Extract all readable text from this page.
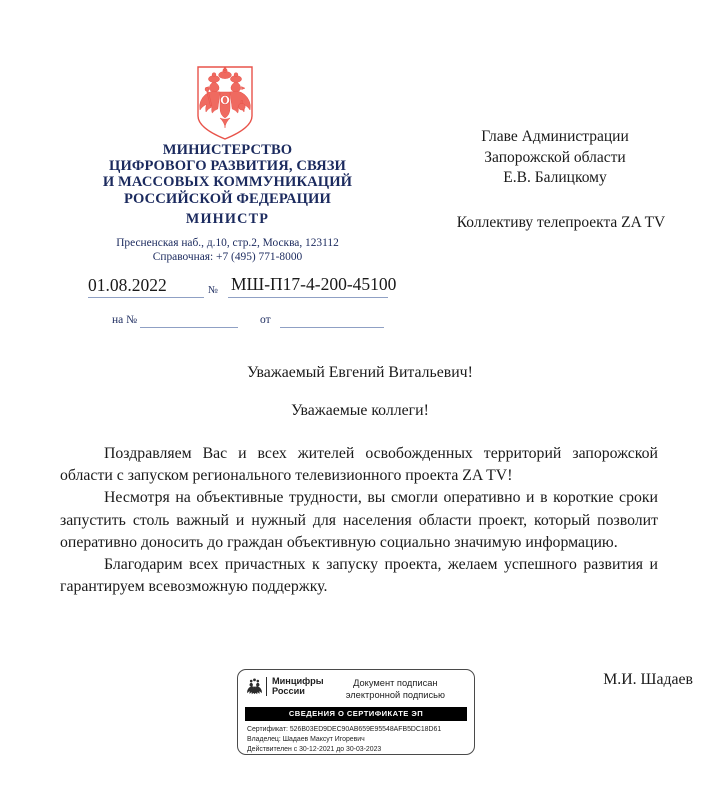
МИНИСТЕРСТВО
ЦИФРОВОГО РАЗВИТИЯ, СВЯЗИ
И МАССОВЫХ КОММУНИКАЦИЙ
РОССИЙСКОЙ ФЕДЕРАЦИИ
МИНИСТР
Пресненская наб., д.10, стр.2, Москва, 123112
Справочная: +7 (495) 771-8000
01.08.2022	№ МШ-П17-4-200-45100
на №	от
Главе Администрации
Запорожской области
Е.В. Балицкому
Коллективу телепроекта ZA TV
Уважаемый Евгений Витальевич!
Уважаемые коллеги!

Поздравляем Вас и всех жителей освобожденных территорий запорожской области с запуском регионального телевизионного проекта ZA TV!

Несмотря на объективные трудности, вы смогли оперативно и в короткие сроки запустить столь важный и нужный для населения области проект, который позволит оперативно доносить до граждан объективную социально значимую информацию.

Благодарим всех причастных к запуску проекта, желаем успешного развития и гарантируем всевозможную поддержку.

М.И. Шадаев
Минцифры
России
Документ подписан
электронной подписью
СВЕДЕНИЯ О СЕРТИФИКАТЕ ЭП
Сертификат: 526B03ED9DEC90AB659E95548AFB5DC18D61
Владелец: Шадаев Максут Игоревич
Действителен с 30-12-2021 до 30-03-2023
